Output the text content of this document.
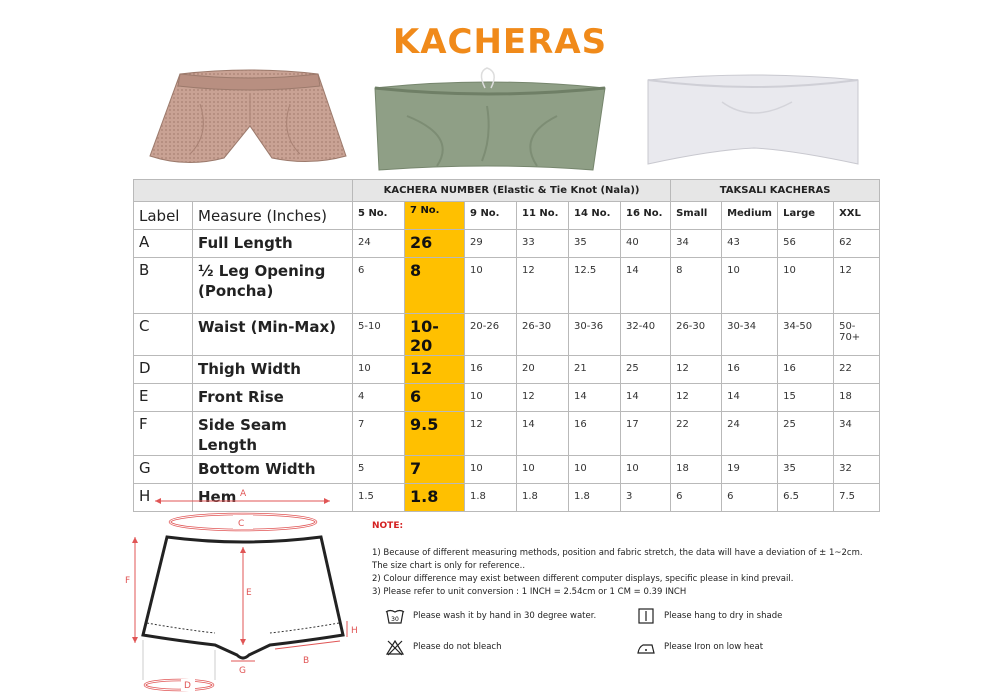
KACHERAS
		KACHERA NUMBER (Elastic & Tie Knot (Nala))						TAKSALI KACHERAS			
Label	Measure (Inches)	5 No.	7 No.	9 No.	11 No.	14 No.	16 No.	Small	Medium	Large	XXL
A	Full Length	24	26	29	33	35	40	34	43	56	62
B	½ Leg Opening (Poncha)	6	8	10	12	12.5	14	8	10	10	12
C	Waist (Min-Max)	5-10	10-20	20-26	26-30	30-36	32-40	26-30	30-34	34-50	50-70+
D	Thigh Width	10	12	16	20	21	25	12	16	16	22
E	Front Rise	4	6	10	12	14	14	12	14	15	18
F	Side Seam Length	7	9.5	12	14	16	17	22	24	25	34
G	Bottom Width	5	7	10	10	10	10	18	19	35	32
H	Hem	1.5	1.8	1.8	1.8	1.8	3	6	6	6.5	7.5
A
C
E
F
H
G
B
D
NOTE:
1) Because of different measuring methods, position and fabric stretch, the data will have a deviation of ± 1~2cm.
The size chart is only for reference..
2) Colour difference may exist between different computer displays, specific please in kind prevail.
3) Please refer to unit conversion : 1 INCH = 2.54cm or 1 CM = 0.39 INCH
30 Please wash it by hand in 30 degree water.	Please hang to dry in shade
Please do not bleach	Please Iron on low heat
